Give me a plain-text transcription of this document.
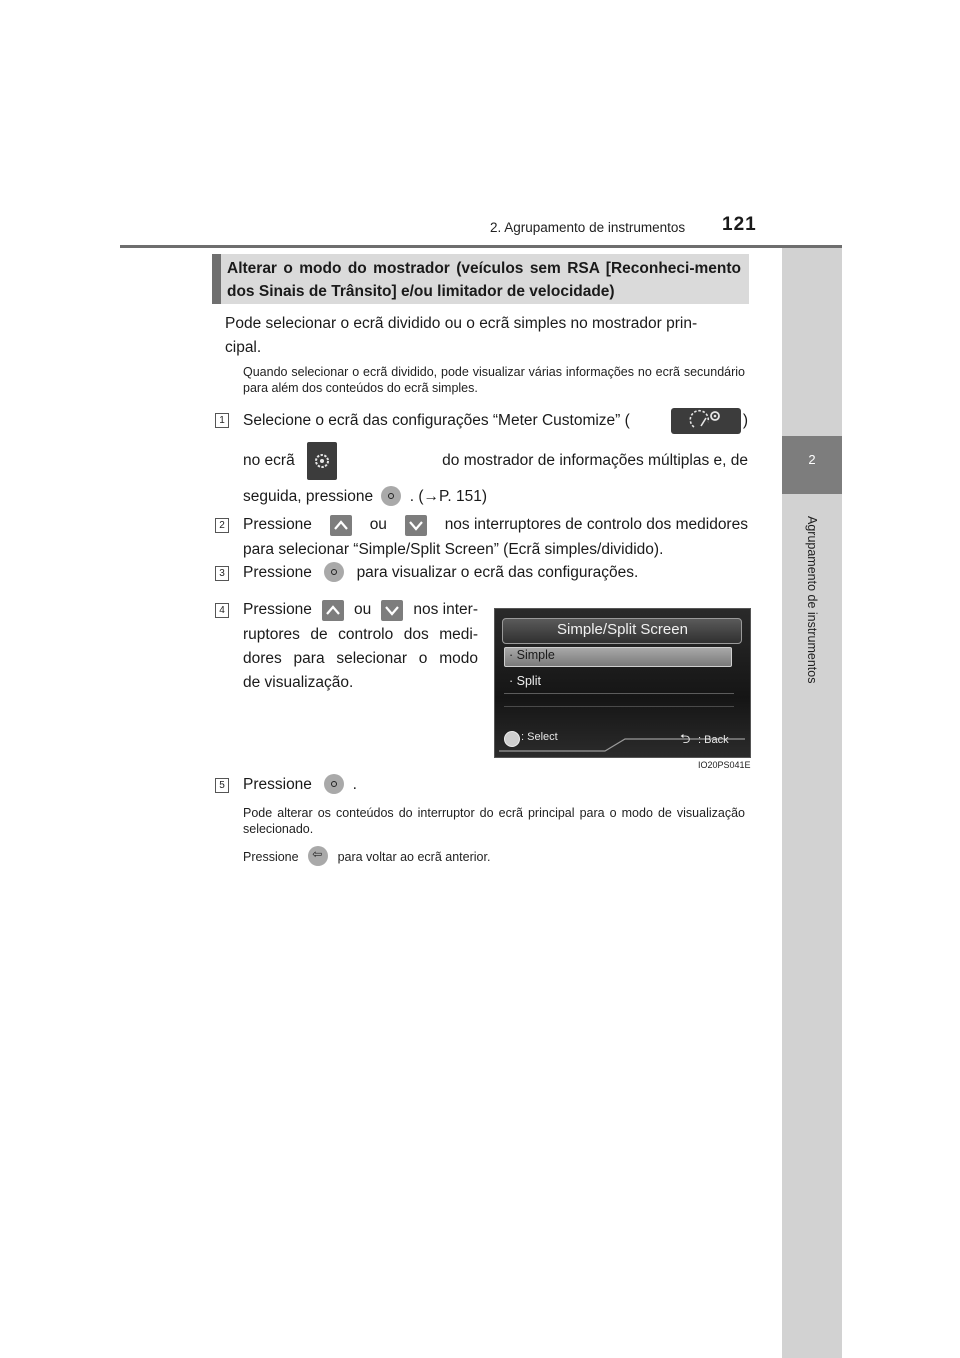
2. Agrupamento de instrumentos 121
2
Agrupamento de instrumentos
Alterar o modo do mostrador (veículos sem RSA [Reconheci-mento dos Sinais de Trânsito] e/ou limitador de velocidade)
Pode selecionar o ecrã dividido ou o ecrã simples no mostrador prin-
cipal.
Quando selecionar o ecrã dividido, pode visualizar várias informações no ecrã secundário para além dos conteúdos do ecrã simples.
1 Selecione o ecrã das configurações “Meter Customize” (	)
no ecrã	do mostrador de informações múltiplas e, de
seguida, pressione . (→P. 151)
2 Pressione	ou	nos interruptores de controlo dos medidores
para selecionar “Simple/Split Screen” (Ecrã simples/dividido).
3 Pressione	para visualizar o ecrã das configurações.
4 Pressione	ou	nos inter-
ruptores de controlo dos medi-
dores para selecionar o modo
de visualização.
Simple/Split Screen
· Simple
· Split
: Select	⮌ : Back
IO20PS041E
5 Pressione	.
Pode alterar os conteúdos do interruptor do ecrã principal para o modo de visualização selecionado.
Pressione ⇦	para voltar ao ecrã anterior.
